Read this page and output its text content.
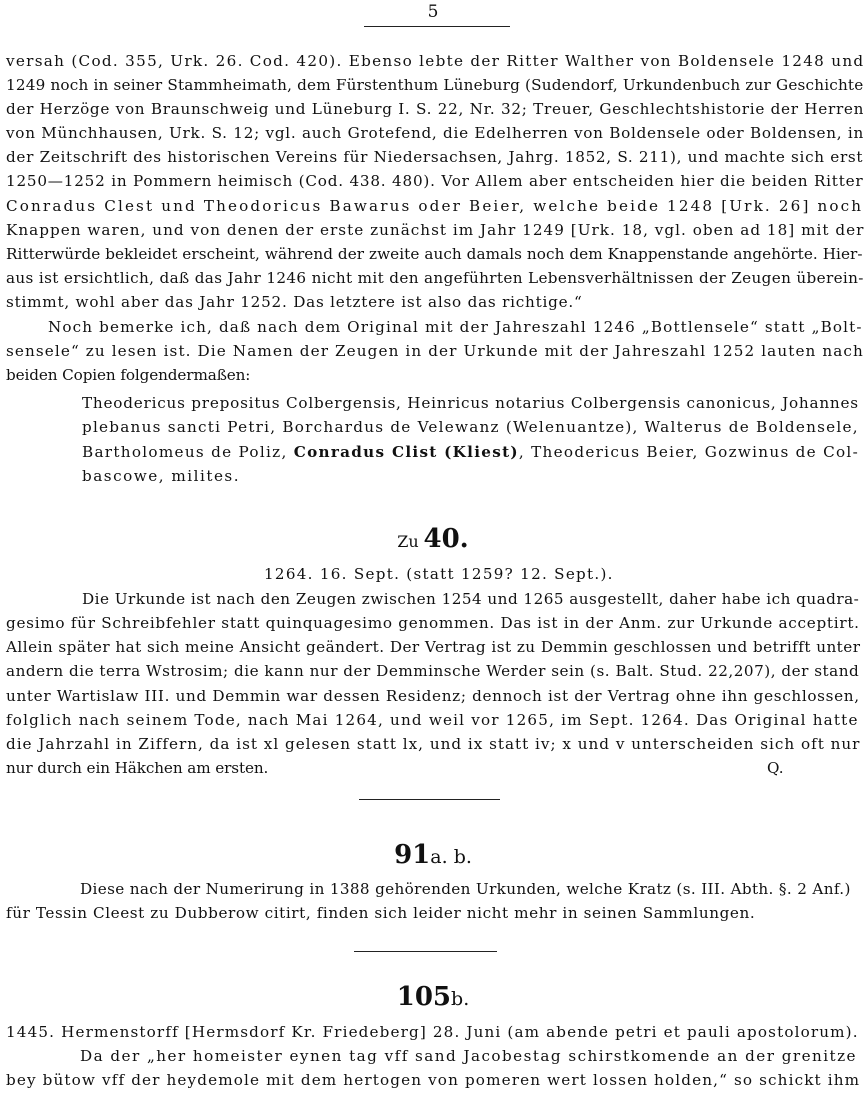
5
versah (Cod. 355, Urk. 26. Cod. 420). Ebenso lebte der Ritter Walther von Boldensele 1248 und
1249 noch in seiner Stammheimath, dem Fürstenthum Lüneburg (Sudendorf, Urkundenbuch zur Geschichte
der Herzöge von Braunschweig und Lüneburg I. S. 22, Nr. 32; Treuer, Geschlechtshistorie der Herren
von Münchhausen, Urk. S. 12; vgl. auch Grotefend, die Edelherren von Boldensele oder Boldensen, in
der Zeitschrift des historischen Vereins für Niedersachsen, Jahrg. 1852, S. 211), und machte sich erst
1250—1252 in Pommern heimisch (Cod. 438. 480). Vor Allem aber entscheiden hier die beiden Ritter
Conradus Clest und Theodoricus Bawarus oder Beier, welche beide 1248 [Urk. 26] noch
Knappen waren, und von denen der erste zunächst im Jahr 1249 [Urk. 18, vgl. oben ad 18] mit der
Ritterwürde bekleidet erscheint, während der zweite auch damals noch dem Knappenstande angehörte. Hier-
aus ist ersichtlich, daß das Jahr 1246 nicht mit den angeführten Lebensverhältnissen der Zeugen überein-
stimmt, wohl aber das Jahr 1252. Das letztere ist also das richtige.“
Noch bemerke ich, daß nach dem Original mit der Jahreszahl 1246 „Bottlensele“ statt „Bolt-
sensele“ zu lesen ist. Die Namen der Zeugen in der Urkunde mit der Jahreszahl 1252 lauten nach
beiden Copien folgendermaßen:
Theodericus prepositus Colbergensis, Heinricus notarius Colbergensis canonicus, Johannes
plebanus sancti Petri, Borchardus de Velewanz (Welenuantze), Walterus de Boldensele,
Bartholomeus de Poliz, Conradus Clist (Kliest), Theodericus Beier, Gozwinus de Col-
bascowe, milites.
Zu 40.
1264. 16. Sept. (statt 1259? 12. Sept.).
Die Urkunde ist nach den Zeugen zwischen 1254 und 1265 ausgestellt, daher habe ich quadra-
gesimo für Schreibfehler statt quinquagesimo genommen. Das ist in der Anm. zur Urkunde acceptirt.
Allein später hat sich meine Ansicht geändert. Der Vertrag ist zu Demmin geschlossen und betrifft unter
andern die terra Wstrosim; die kann nur der Demminsche Werder sein (s. Balt. Stud. 22,207), der stand
unter Wartislaw III. und Demmin war dessen Residenz; dennoch ist der Vertrag ohne ihn geschlossen,
folglich nach seinem Tode, nach Mai 1264, und weil vor 1265, im Sept. 1264. Das Original hatte
die Jahrzahl in Ziffern, da ist xl gelesen statt lx, und ix statt iv; x und v unterscheiden sich oft nur
nur durch ein Häkchen am ersten.	Q.
91a. b.
Diese nach der Numerirung in 1388 gehörenden Urkunden, welche Kratz (s. III. Abth. §. 2 Anf.)
für Tessin Cleest zu Dubberow citirt, finden sich leider nicht mehr in seinen Sammlungen.
105b.
1445. Hermenstorff [Hermsdorf Kr. Friedeberg] 28. Juni (am abende petri et pauli apostolorum).
Da der „her homeister eynen tag vff sand Jacobestag schirstkomende an der grenitze
bey bütow vff der heydemole mit dem hertogen von pomeren wert lossen holden,“ so schickt ihm
